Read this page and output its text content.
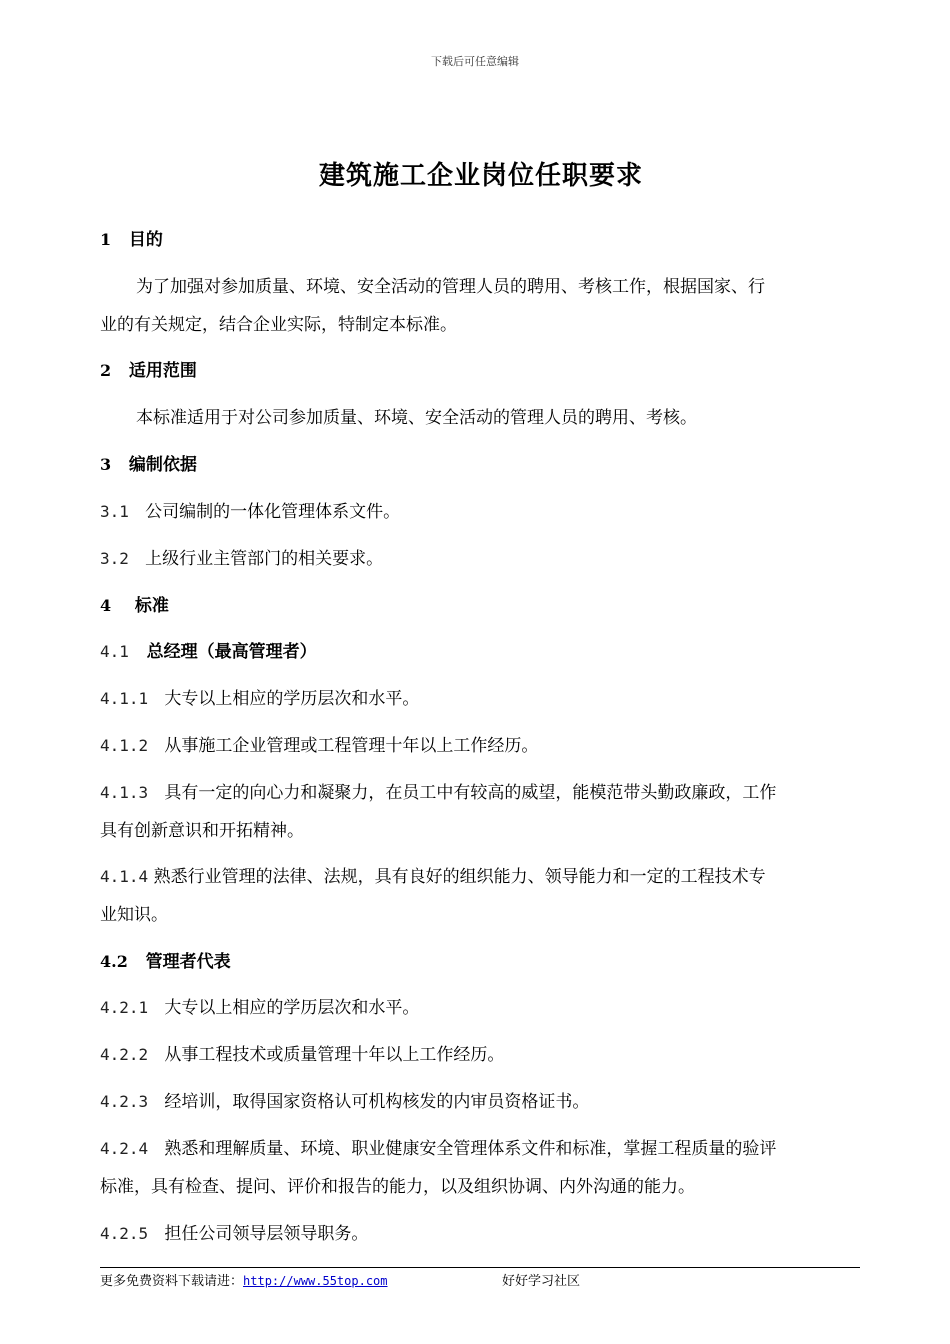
下载后可任意编辑
建筑施工企业岗位任职要求
1 目的
为了加强对参加质量、环境、安全活动的管理人员的聘用、考核工作，根据国家、行
业的有关规定，结合企业实际，特制定本标准。
2 适用范围
本标准适用于对公司参加质量、环境、安全活动的管理人员的聘用、考核。
3 编制依据
3.1 公司编制的一体化管理体系文件。
3.2 上级行业主管部门的相关要求。
4 标准
4.1 总经理（最高管理者）
4.1.1 大专以上相应的学历层次和水平。
4.1.2 从事施工企业管理或工程管理十年以上工作经历。
4.1.3 具有一定的向心力和凝聚力，在员工中有较高的威望，能模范带头勤政廉政，工作
具有创新意识和开拓精神。
4.1.4 熟悉行业管理的法律、法规，具有良好的组织能力、领导能力和一定的工程技术专
业知识。
4.2 管理者代表
4.2.1 大专以上相应的学历层次和水平。
4.2.2 从事工程技术或质量管理十年以上工作经历。
4.2.3 经培训，取得国家资格认可机构核发的内审员资格证书。
4.2.4 熟悉和理解质量、环境、职业健康安全管理体系文件和标准，掌握工程质量的验评
标准，具有检查、提问、评价和报告的能力，以及组织协调、内外沟通的能力。
4.2.5 担任公司领导层领导职务。
更多免费资料下载请进：http://www.55top.com	好好学习社区
